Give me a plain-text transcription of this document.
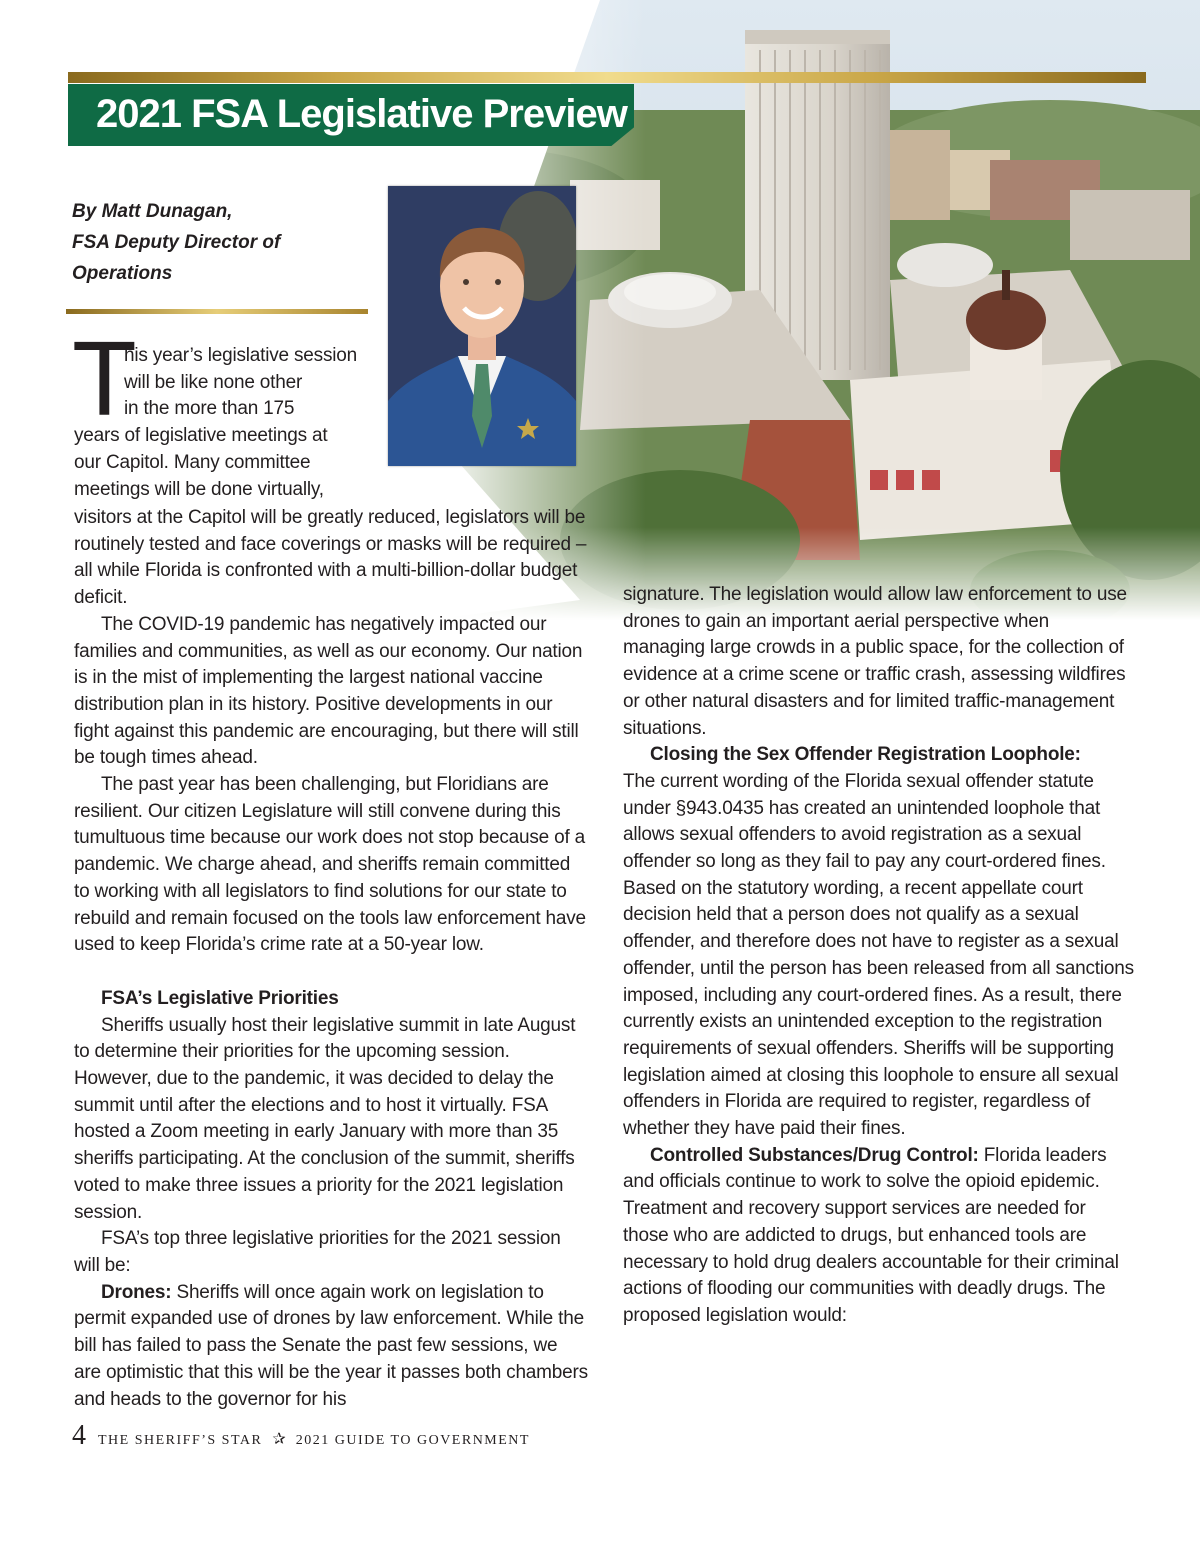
2021 FSA Legislative Preview
By Matt Dunagan,
FSA Deputy Director of
Operations
T
his year’s legislative session
will be like none other
in the more than 175
years of legislative meetings at
our Capitol. Many committee
meetings will be done virtually,

visitors at the Capitol will be greatly reduced, legislators will be routinely tested and face coverings or masks will be required – all while Florida is confronted with a multi-billion-dollar budget deficit.

The COVID-19 pandemic has negatively impacted our families and communities, as well as our economy. Our nation is in the mist of implementing the largest national vaccine distribution plan in its history. Positive developments in our fight against this pandemic are encouraging, but there will still be tough times ahead.

The past year has been challenging, but Floridians are resilient. Our citizen Legislature will still convene during this tumultuous time because our work does not stop because of a pandemic. We charge ahead, and sheriffs remain committed to working with all legislators to find solutions for our state to rebuild and remain focused on the tools law enforcement have used to keep Florida’s crime rate at a 50-year low.

FSA’s Legislative Priorities

Sheriffs usually host their legislative summit in late August to determine their priorities for the upcoming session. However, due to the pandemic, it was decided to delay the summit until after the elections and to host it virtually. FSA hosted a Zoom meeting in early January with more than 35 sheriffs participating. At the conclusion of the summit, sheriffs voted to make three issues a priority for the 2021 legislation session.

FSA’s top three legislative priorities for the 2021 session will be:

Drones: Sheriffs will once again work on legislation to permit expanded use of drones by law enforcement. While the bill has failed to pass the Senate the past few sessions, we are optimistic that this will be the year it passes both chambers and heads to the governor for his

signature. The legislation would allow law enforcement to use drones to gain an important aerial perspective when managing large crowds in a public space, for the collection of evidence at a crime scene or traffic crash, assessing wildfires or other natural disasters and for limited traffic-management situations.

Closing the Sex Offender Registration Loophole:

The current wording of the Florida sexual offender statute under §943.0435 has created an unintended loophole that allows sexual offenders to avoid registration as a sexual offender so long as they fail to pay any court-ordered fines. Based on the statutory wording, a recent appellate court decision held that a person does not qualify as a sexual offender, and therefore does not have to register as a sexual offender, until the person has been released from all sanctions imposed, including any court-ordered fines. As a result, there currently exists an unintended exception to the registration requirements of sexual offenders. Sheriffs will be supporting legislation aimed at closing this loophole to ensure all sexual offenders in Florida are required to register, regardless of whether they have paid their fines.

Controlled Substances/Drug Control: Florida leaders and officials continue to work to solve the opioid epidemic. Treatment and recovery support services are needed for those who are addicted to drugs, but enhanced tools are necessary to hold drug dealers accountable for their criminal actions of flooding our communities with deadly drugs. The proposed legislation would:

4 THE SHERIFF’S STAR ✰ 2021 GUIDE TO GOVERNMENT
